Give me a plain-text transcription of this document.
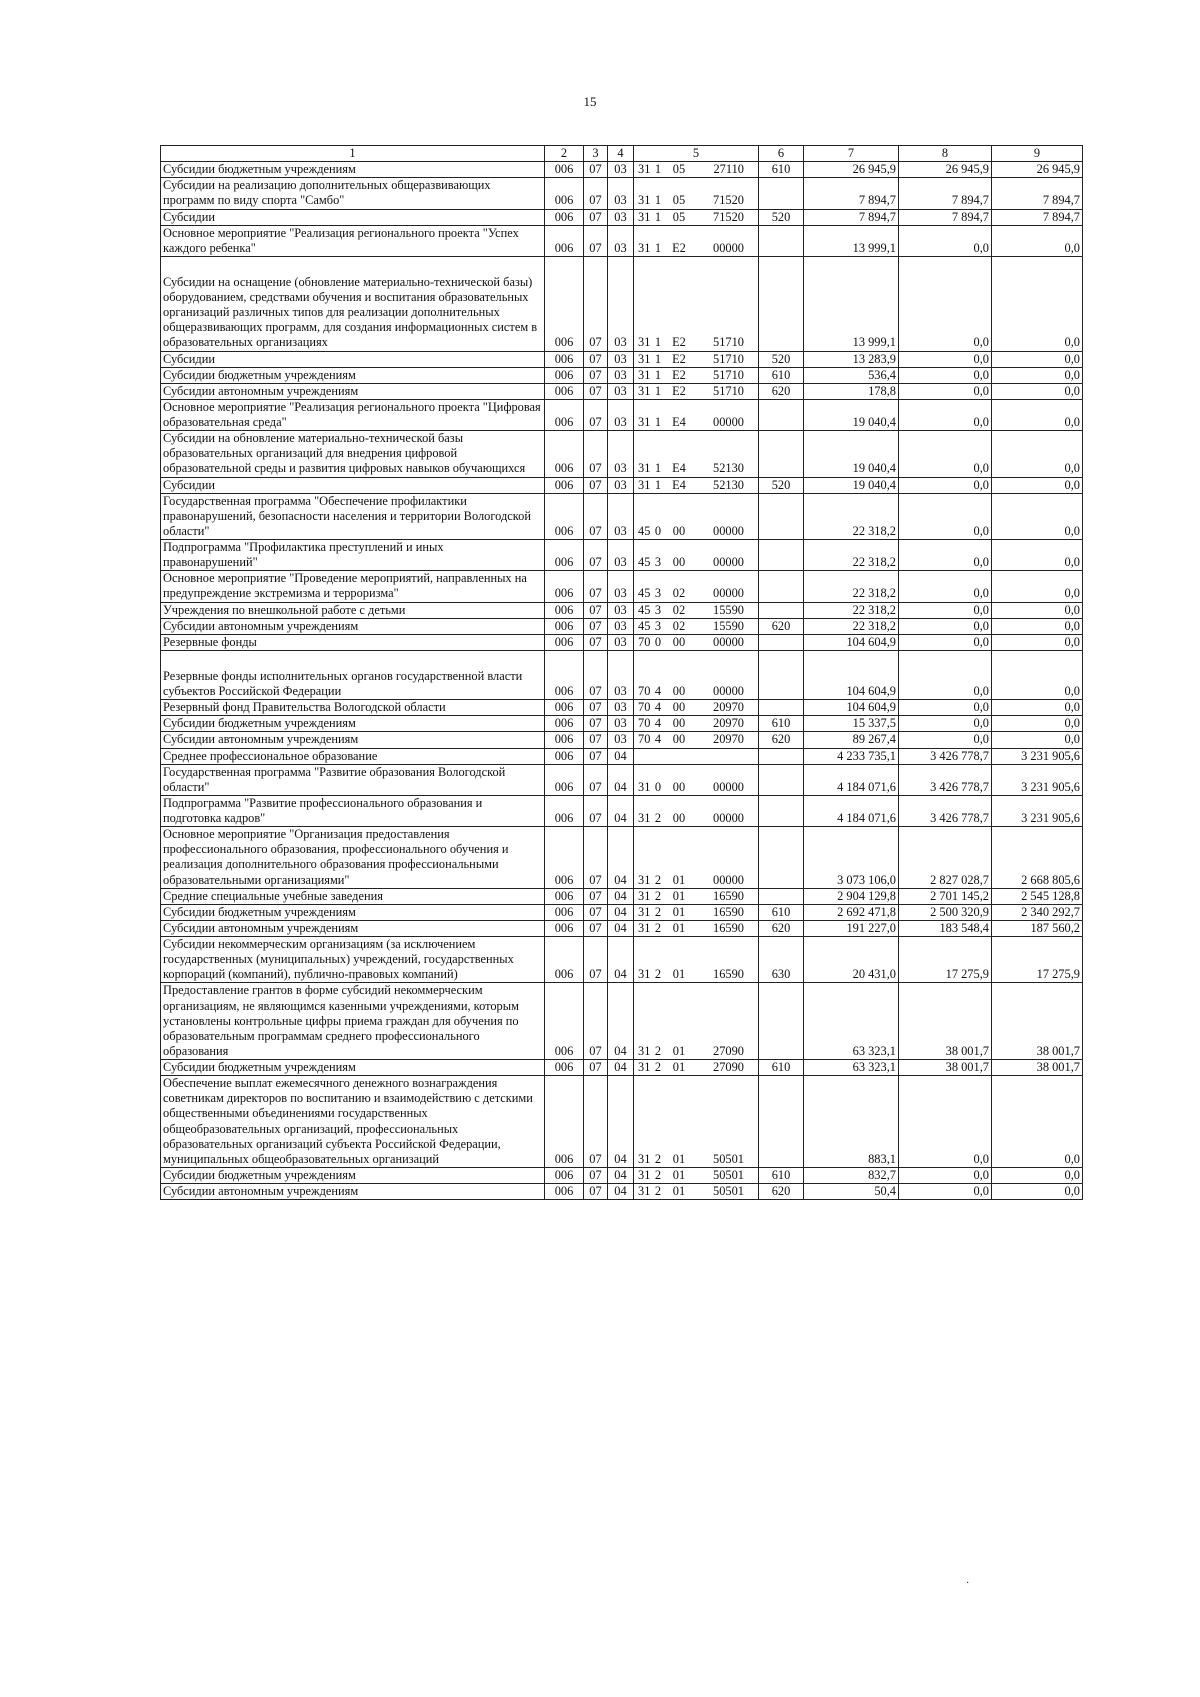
15
1	2	3	4	5	6	7	8	9
Субсидии бюджетным учреждениям	006	07	03	31 1 05 27110	610	26 945,9	26 945,9	26 945,9
Субсидии на реализацию дополнительных общеразвивающих программ по виду спорта "Самбо"	006	07	03	31 1 05 71520		7 894,7	7 894,7	7 894,7
Субсидии	006	07	03	31 1 05 71520	520	7 894,7	7 894,7	7 894,7
Основное мероприятие "Реализация регионального проекта "Успех каждого ребенка"	006	07	03	31 1 E2 00000		13 999,1	0,0	0,0
Субсидии на оснащение (обновление материально-технической базы) оборудованием, средствами обучения и воспитания образовательных организаций различных типов для реализации дополнительных общеразвивающих программ, для создания информационных систем в образовательных организациях	006	07	03	31 1 E2 51710		13 999,1	0,0	0,0
Субсидии	006	07	03	31 1 E2 51710	520	13 283,9	0,0	0,0
Субсидии бюджетным учреждениям	006	07	03	31 1 E2 51710	610	536,4	0,0	0,0
Субсидии автономным учреждениям	006	07	03	31 1 E2 51710	620	178,8	0,0	0,0
Основное мероприятие "Реализация регионального проекта "Цифровая образовательная среда"	006	07	03	31 1 E4 00000		19 040,4	0,0	0,0
Субсидии на обновление материально-технической базы образовательных организаций для внедрения цифровой образовательной среды и развития цифровых навыков обучающихся	006	07	03	31 1 E4 52130		19 040,4	0,0	0,0
Субсидии	006	07	03	31 1 E4 52130	520	19 040,4	0,0	0,0
Государственная программа "Обеспечение профилактики правонарушений, безопасности населения и территории Вологодской области"	006	07	03	45 0 00 00000		22 318,2	0,0	0,0
Подпрограмма "Профилактика преступлений и иных правонарушений"	006	07	03	45 3 00 00000		22 318,2	0,0	0,0
Основное мероприятие "Проведение мероприятий, направленных на предупреждение экстремизма и терроризма"	006	07	03	45 3 02 00000		22 318,2	0,0	0,0
Учреждения по внешкольной работе с детьми	006	07	03	45 3 02 15590		22 318,2	0,0	0,0
Субсидии автономным учреждениям	006	07	03	45 3 02 15590	620	22 318,2	0,0	0,0
Резервные фонды	006	07	03	70 0 00 00000		104 604,9	0,0	0,0
Резервные фонды исполнительных органов государственной власти субъектов Российской Федерации	006	07	03	70 4 00 00000		104 604,9	0,0	0,0
Резервный фонд Правительства Вологодской области	006	07	03	70 4 00 20970		104 604,9	0,0	0,0
Субсидии бюджетным учреждениям	006	07	03	70 4 00 20970	610	15 337,5	0,0	0,0
Субсидии автономным учреждениям	006	07	03	70 4 00 20970	620	89 267,4	0,0	0,0
Среднее профессиональное образование	006	07	04			4 233 735,1	3 426 778,7	3 231 905,6
Государственная программа "Развитие образования Вологодской области"	006	07	04	31 0 00 00000		4 184 071,6	3 426 778,7	3 231 905,6
Подпрограмма "Развитие профессионального образования и подготовка кадров"	006	07	04	31 2 00 00000		4 184 071,6	3 426 778,7	3 231 905,6
Основное мероприятие "Организация предоставления профессионального образования, профессионального обучения и реализация дополнительного образования профессиональными образовательными организациями"	006	07	04	31 2 01 00000		3 073 106,0	2 827 028,7	2 668 805,6
Средние специальные учебные заведения	006	07	04	31 2 01 16590		2 904 129,8	2 701 145,2	2 545 128,8
Субсидии бюджетным учреждениям	006	07	04	31 2 01 16590	610	2 692 471,8	2 500 320,9	2 340 292,7
Субсидии автономным учреждениям	006	07	04	31 2 01 16590	620	191 227,0	183 548,4	187 560,2
Субсидии некоммерческим организациям (за исключением государственных (муниципальных) учреждений, государственных корпораций (компаний), публично-правовых компаний)	006	07	04	31 2 01 16590	630	20 431,0	17 275,9	17 275,9
Предоставление грантов в форме субсидий некоммерческим организациям, не являющимся казенными учреждениями, которым установлены контрольные цифры приема граждан для обучения по образовательным программам среднего профессионального образования	006	07	04	31 2 01 27090		63 323,1	38 001,7	38 001,7
Субсидии бюджетным учреждениям	006	07	04	31 2 01 27090	610	63 323,1	38 001,7	38 001,7
Обеспечение выплат ежемесячного денежного вознаграждения советникам директоров по воспитанию и взаимодействию с детскими общественными объединениями государственных общеобразовательных организаций, профессиональных образовательных организаций субъекта Российской Федерации, муниципальных общеобразовательных организаций	006	07	04	31 2 01 50501		883,1	0,0	0,0
Субсидии бюджетным учреждениям	006	07	04	31 2 01 50501	610	832,7	0,0	0,0
Субсидии автономным учреждениям	006	07	04	31 2 01 50501	620	50,4	0,0	0,0
·
